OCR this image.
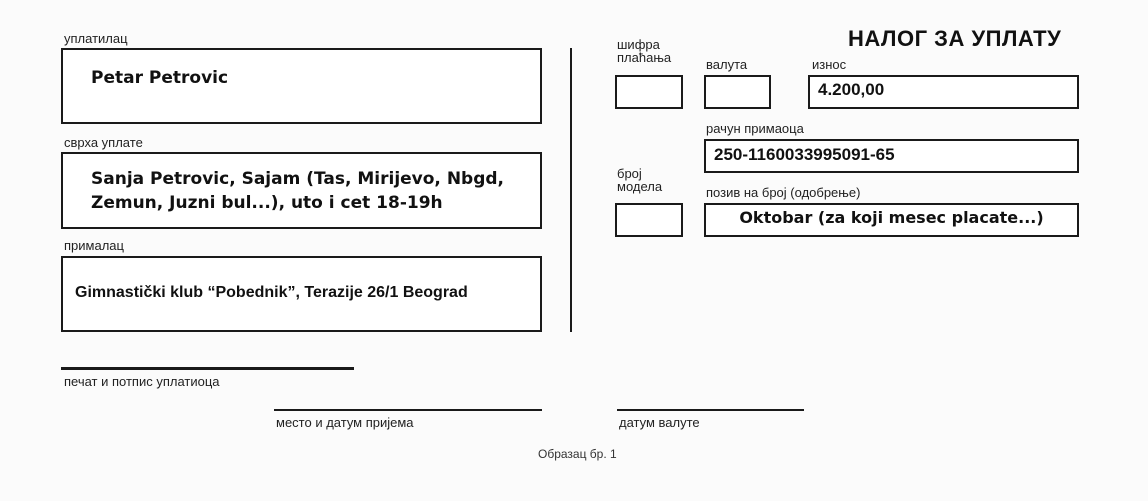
НАЛОГ ЗА УПЛАТУ
уплатилац
Petar Petrovic
сврха уплате
Sanja Petrovic, Sajam (Tas, Mirijevo, Nbgd, Zemun, Juzni bul...), uto i cet 18-19h
прималац
Gimnastički klub “Pobednik”, Terazije 26/1 Beograd
шифра
плаћања	валута	износ
4.200,00
рачун примаоца
250-1160033995091-65
број
модела	позив на број (одобрење)
Oktobar (za koji mesec placate...)
печат и потпис уплатиоца
место и датум пријема	датум валуте
Образац бр. 1
